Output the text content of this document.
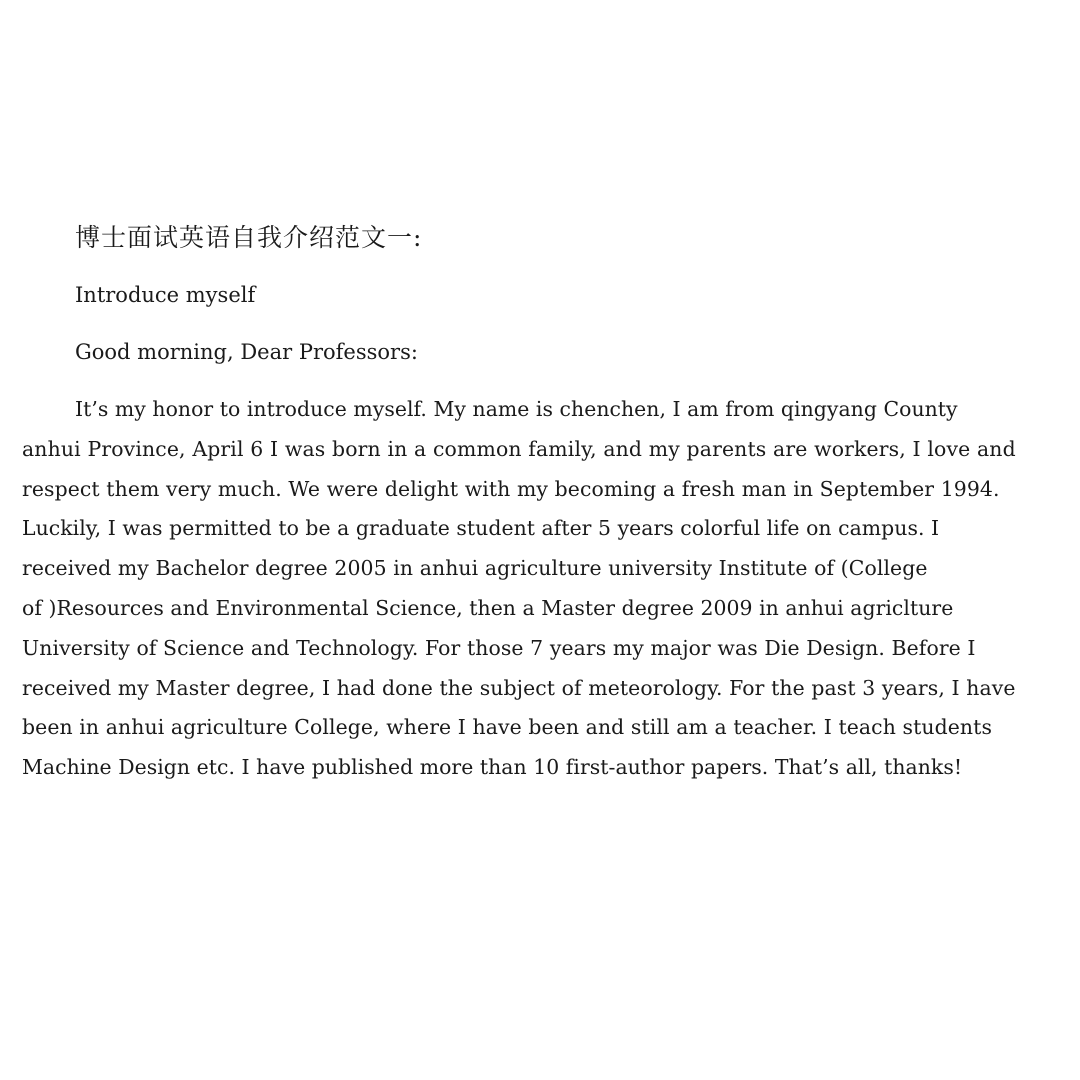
博士面试英语自我介绍范文一:
Introduce myself
Good morning, Dear Professors:
It’s my honor to introduce myself. My name is chenchen, I am from qingyang County
anhui Province, April 6 I was born in a common family, and my parents are workers, I love and
respect them very much. We were delight with my becoming a fresh man in September 1994.
Luckily, I was permitted to be a graduate student after 5 years colorful life on campus. I
received my Bachelor degree 2005 in anhui agriculture university Institute of (College
of )Resources and Environmental Science, then a Master degree 2009 in anhui agriclture
University of Science and Technology. For those 7 years my major was Die Design. Before I
received my Master degree, I had done the subject of meteorology. For the past 3 years, I have
been in anhui agriculture College, where I have been and still am a teacher. I teach students
Machine Design etc. I have published more than 10 first-author papers. That’s all, thanks!
